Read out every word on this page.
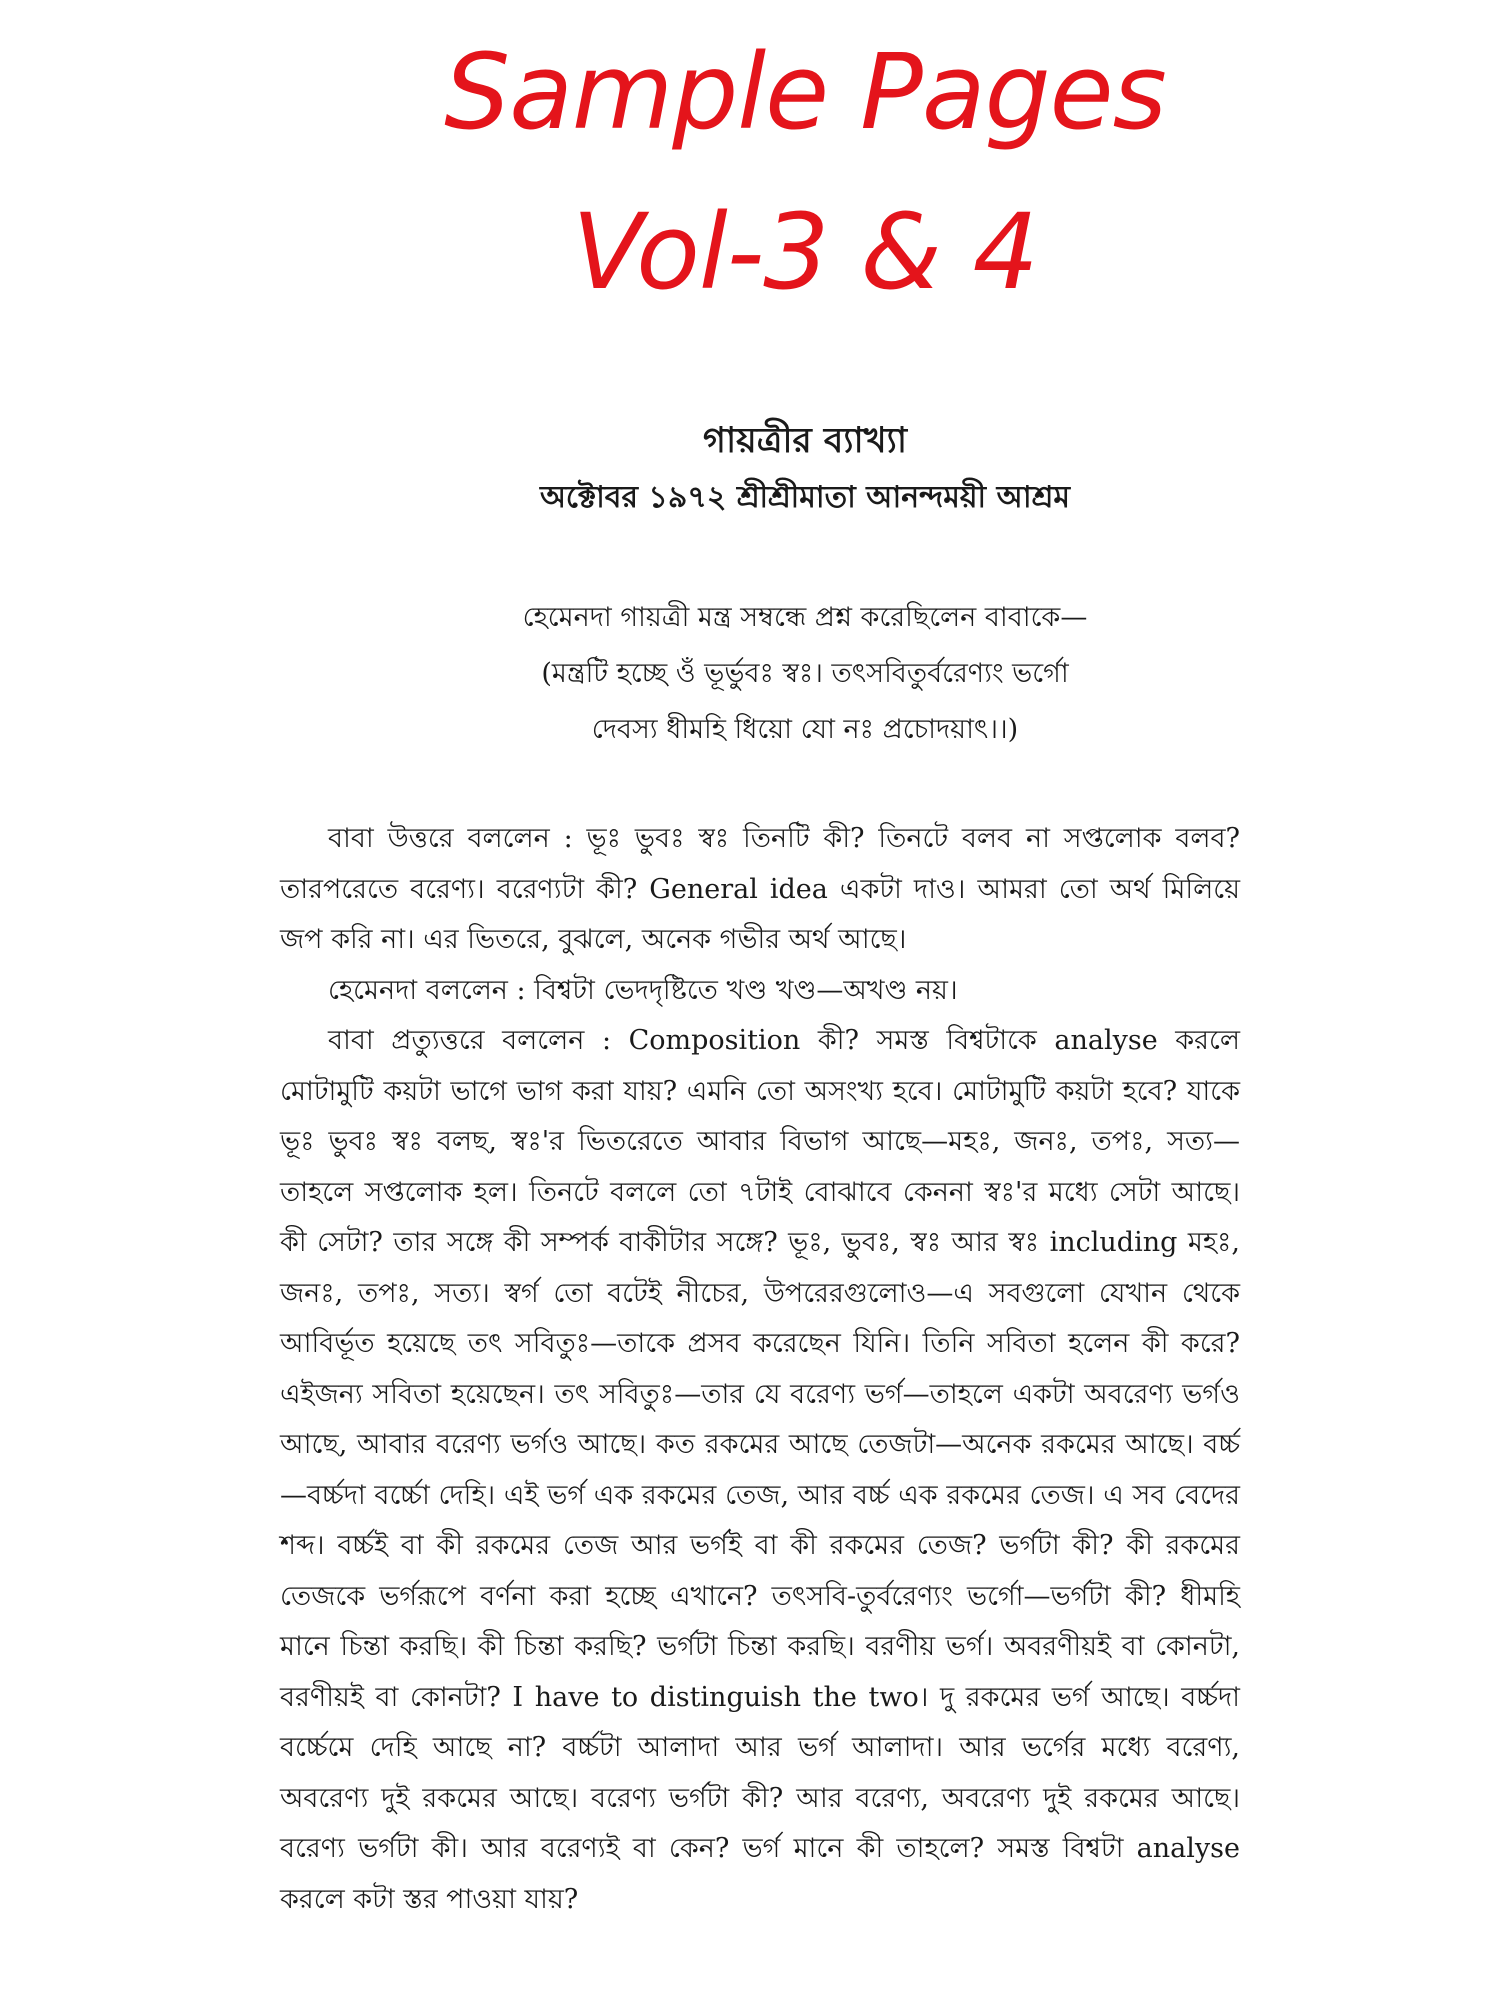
Sample Pages
Vol-3 & 4
গায়ত্রীর ব্যাখ্যা
অক্টোবর ১৯৭২ শ্রীশ্রীমাতা আনন্দময়ী আশ্রম
হেমেনদা গায়ত্রী মন্ত্র সম্বন্ধে প্রশ্ন করেছিলেন বাবাকে—
(মন্ত্রটি হচ্ছে ওঁ ভূর্ভুবঃ স্বঃ। তৎসবিতুর্বরেণ্যং ভর্গো
দেবস্য ধীমহি ধিয়ো যো নঃ প্রচোদয়াৎ।।)

বাবা উত্তরে বললেন : ভূঃ ভুবঃ স্বঃ তিনটি কী? তিনটে বলব না সপ্তলোক বলব? তারপরেতে বরেণ্য। বরেণ্যটা কী? General idea একটা দাও। আমরা তো অর্থ মিলিয়ে জপ করি না। এর ভিতরে, বুঝলে, অনেক গভীর অর্থ আছে।

হেমেনদা বললেন : বিশ্বটা ভেদদৃষ্টিতে খণ্ড খণ্ড—অখণ্ড নয়।

বাবা প্রত্যুত্তরে বললেন : Composition কী? সমস্ত বিশ্বটাকে analyse করলে মোটামুটি কয়টা ভাগে ভাগ করা যায়? এমনি তো অসংখ্য হবে। মোটামুটি কয়টা হবে? যাকে ভূঃ ভুবঃ স্বঃ বলছ, স্বঃ'র ভিতরেতে আবার বিভাগ আছে—মহঃ, জনঃ, তপঃ, সত্য—তাহলে সপ্তলোক হল। তিনটে বললে তো ৭টাই বোঝাবে কেননা স্বঃ'র মধ্যে সেটা আছে। কী সেটা? তার সঙ্গে কী সম্পর্ক বাকীটার সঙ্গে? ভূঃ, ভুবঃ, স্বঃ আর স্বঃ including মহঃ, জনঃ, তপঃ, সত্য। স্বর্গ তো বটেই নীচের, উপরেরগুলোও—এ সবগুলো যেখান থেকে আবির্ভূত হয়েছে তৎ সবিতুঃ—তাকে প্রসব করেছেন যিনি। তিনি সবিতা হলেন কী করে? এইজন্য সবিতা হয়েছেন। তৎ সবিতুঃ—তার যে বরেণ্য ভর্গ—তাহলে একটা অবরেণ্য ভর্গও আছে, আবার বরেণ্য ভর্গও আছে। কত রকমের আছে তেজটা—অনেক রকমের আছে। বর্চ্চ—বর্চ্চদা বর্চ্চো দেহি। এই ভর্গ এক রকমের তেজ, আর বর্চ্চ এক রকমের তেজ। এ সব বেদের শব্দ। বর্চ্চই বা কী রকমের তেজ আর ভর্গই বা কী রকমের তেজ? ভর্গটা কী? কী রকমের তেজকে ভর্গরূপে বর্ণনা করা হচ্ছে এখানে? তৎসবি-তুর্বরেণ্যং ভর্গো—ভর্গটা কী? ধীমহি মানে চিন্তা করছি। কী চিন্তা করছি? ভর্গটা চিন্তা করছি। বরণীয় ভর্গ। অবরণীয়ই বা কোনটা, বরণীয়ই বা কোনটা? I have to distinguish the two। দু রকমের ভর্গ আছে। বর্চ্চদা বর্চ্চেমে দেহি আছে না? বর্চ্চটা আলাদা আর ভর্গ আলাদা। আর ভর্গের মধ্যে বরেণ্য, অবরেণ্য দুই রকমের আছে। বরেণ্য ভর্গটা কী? আর বরেণ্য, অবরেণ্য দুই রকমের আছে। বরেণ্য ভর্গটা কী। আর বরেণ্যই বা কেন? ভর্গ মানে কী তাহলে? সমস্ত বিশ্বটা analyse করলে কটা স্তর পাওয়া যায়?
